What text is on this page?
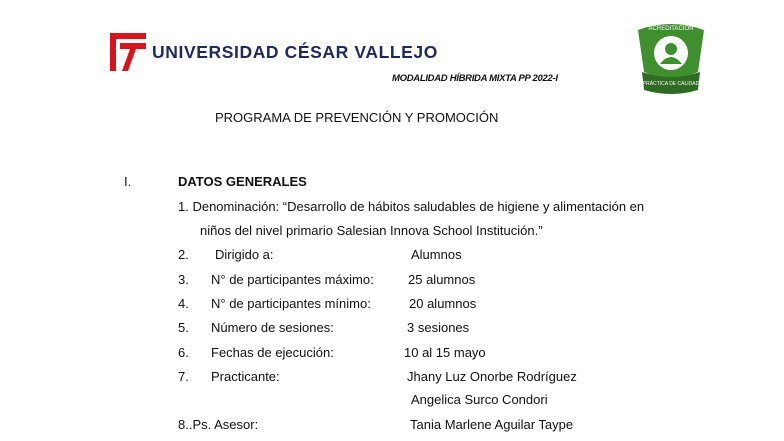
UNIVERSIDAD CÉSAR VALLEJO
ACREDITACIÓN
PRÁCTICA DE CALIDAD
MODALIDAD HÍBRIDA MIXTA PP 2022-I
PROGRAMA DE PREVENCIÓN Y PROMOCIÓN
I.	DATOS GENERALES
1. Denominación: “Desarrollo de hábitos saludables de higiene y alimentación en
niños del nivel primario Salesian Innova School Institución.”
2. Dirigido a:	Alumnos
3. N° de participantes máximo:	25 alumnos
4. N° de participantes mínimo:	20 alumnos
5. Número de sesiones:	3 sesiones
6. Fechas de ejecución:	10 al 15 mayo
7. Practicante:	Jhany Luz Onorbe Rodríguez
Angelica Surco Condori
8..Ps. Asesor:	Tania Marlene Aguilar Taype
